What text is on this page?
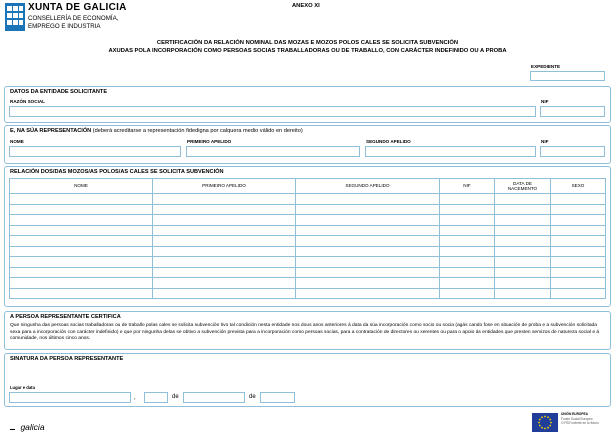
XUNTA DE GALICIA
CONSELLERÍA DE ECONOMÍA,
EMPREGO E INDUSTRIA
ANEXO XI
CERTIFICACIÓN DA RELACIÓN NOMINAL DAS MOZAS E MOZOS POLOS CALES SE SOLICITA SUBVENCIÓN
AXUDAS POLA INCORPORACIÓN COMO PERSOAS SOCIAS TRABALLADORAS OU DE TRABALLO, CON CARÁCTER INDEFINIDO OU A PROBA
EXPEDIENTE
DATOS DA ENTIDADE SOLICITANTE
RAZÓN SOCIAL	NIF
E, NA SÚA REPRESENTACIÓN (deberá acreditarse a representación fidedigna por calquera medio válido en dereito)
NOME	PRIMEIRO APELIDO	SEGUNDO APELIDO	NIF
RELACIÓN DOS/DAS MOZOS/AS POLOS/AS CALES SE SOLICITA SUBVENCIÓN
NOME	PRIMEIRO APELIDO	SEGUNDO APELIDO	NIF	DATA DE NACEMENTO	SEXO

A PERSOA REPRESENTANTE CERTIFICA
Que ningunha das persoas socias traballadoras ou de traballo polas cales se solicita subvención tivo tal condición nesta entidade nos dous anos anteriores á data da súa incorporación como socio ou socia (agás cando fose en situación de proba e a subvención solicitada sexa para a incorporación con carácter indefinido) e que por ningunha delas se obtivo a subvención prevista para a incorporación como persoas socias, para a contratación de directores ou xerentes ou para o apoio ás entidades que presten servizos de natureza social e á comunidade, nos últimos cinco anos.
SINATURA DA PERSOA REPRESENTANTE
Lugar e data
,	de	de
galicia
UNIÓN EUROPEA
Fondo Social Europeo
O FSE invierte en tu futuro
